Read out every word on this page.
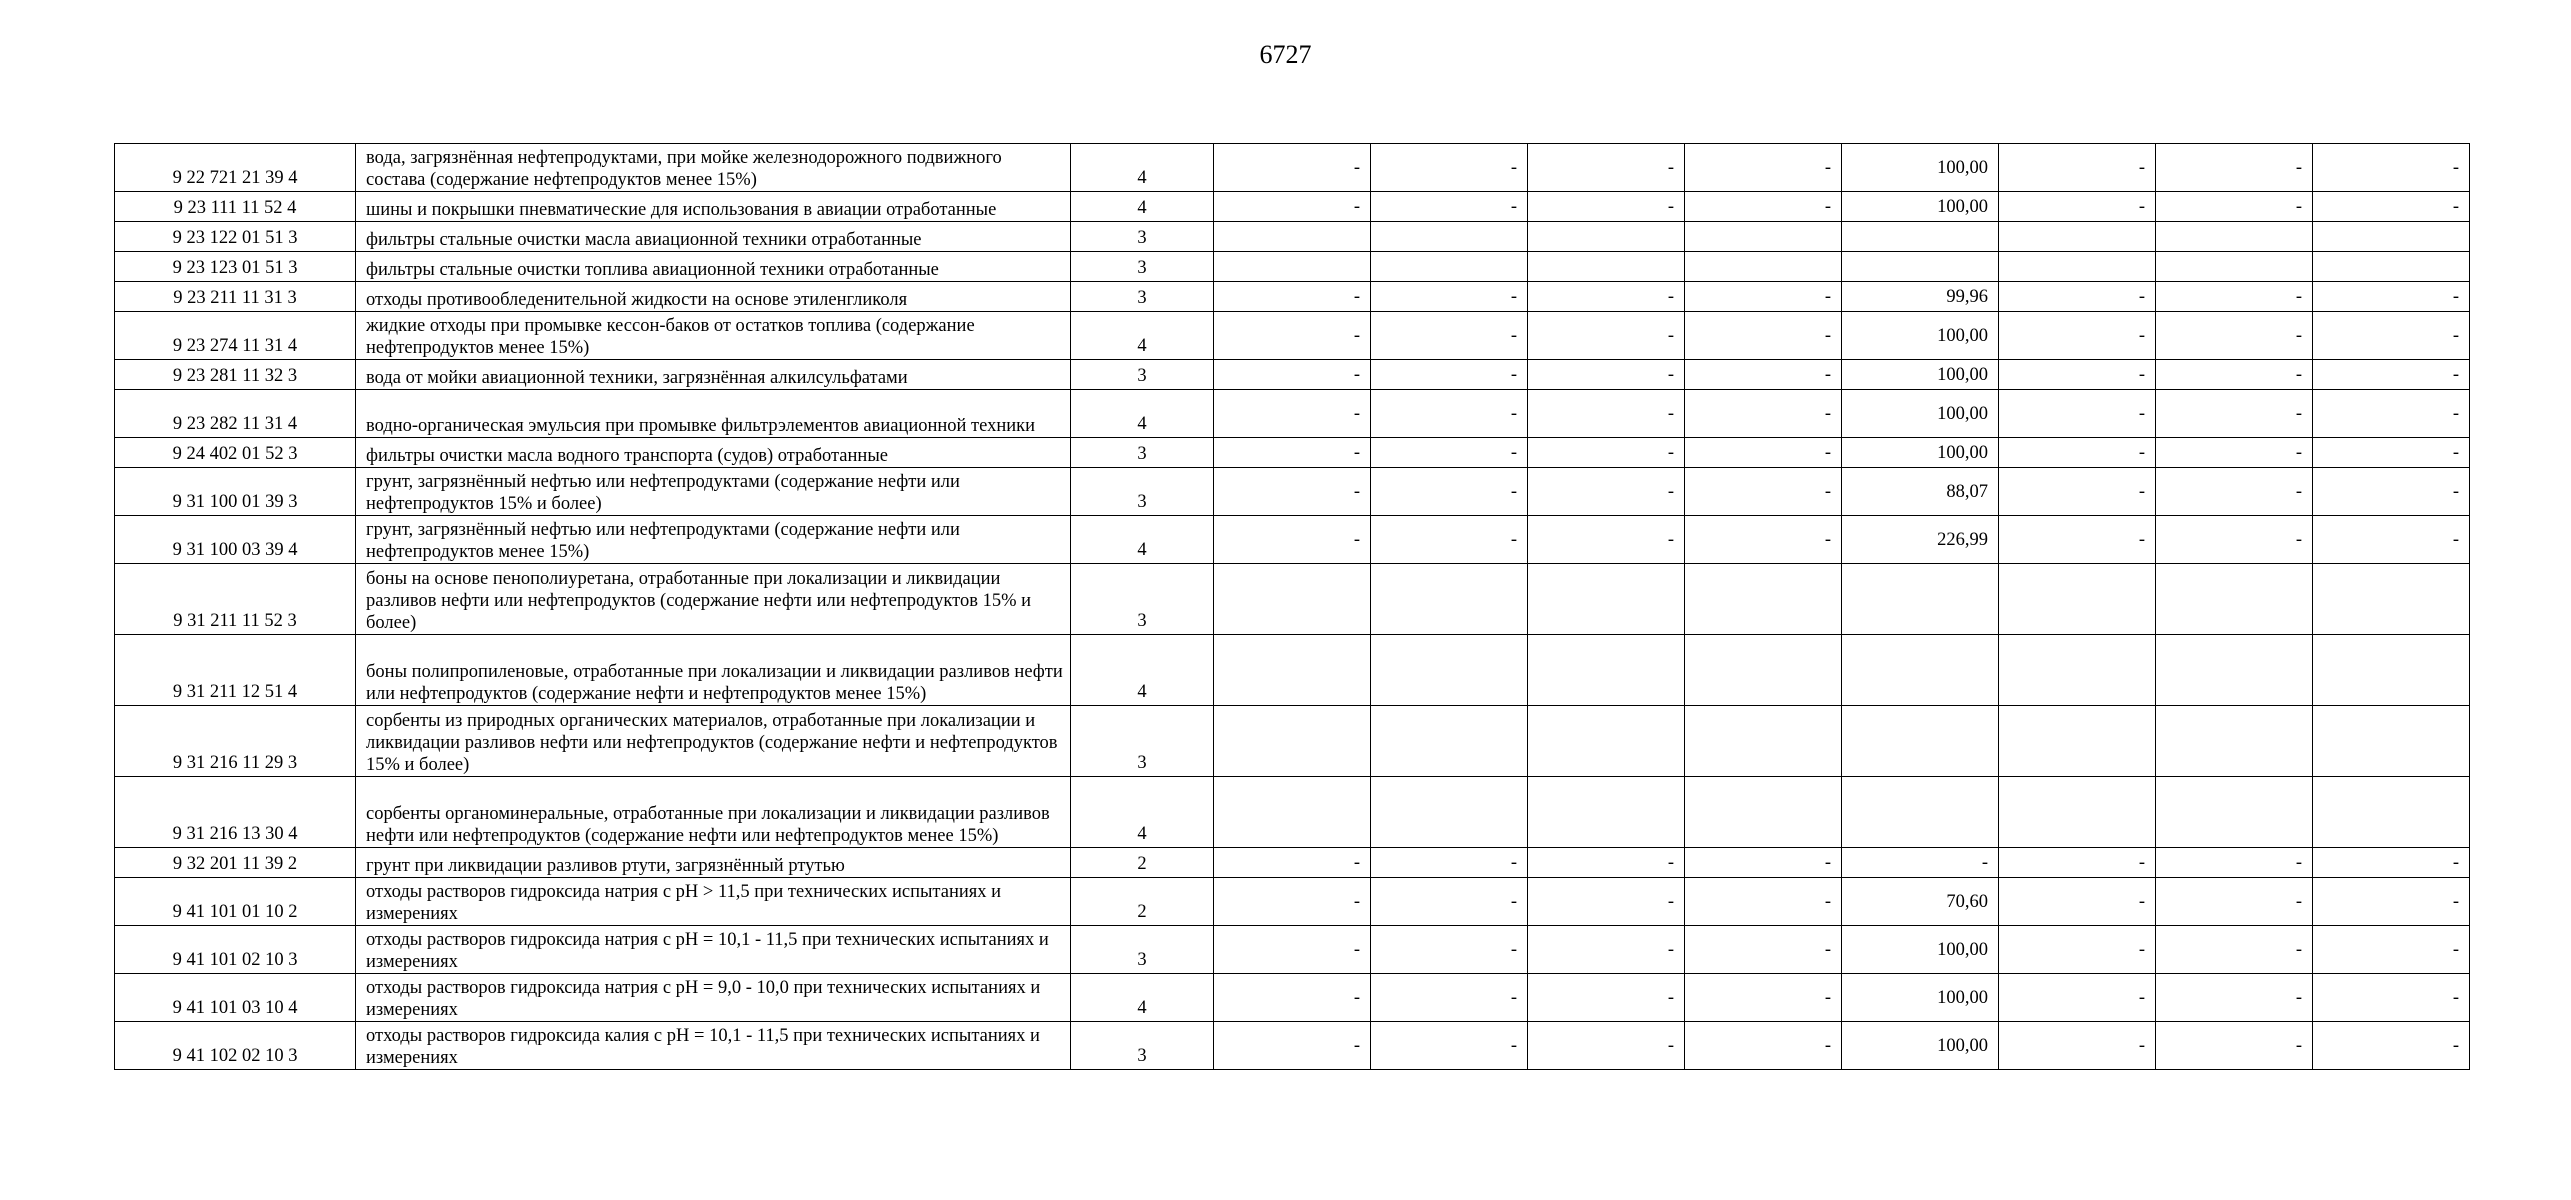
6727
9 22 721 21 39 4	вода, загрязнённая нефтепродуктами, при мойке железнодорожного подвижного состава (содержание нефтепродуктов менее 15%)	4	-	-	-	-	100,00	-	-	-
9 23 111 11 52 4	шины и покрышки пневматические для использования в авиации отработанные	4	-	-	-	-	100,00	-	-	-
9 23 122 01 51 3	фильтры стальные очистки масла авиационной техники отработанные	3								
9 23 123 01 51 3	фильтры стальные очистки топлива авиационной техники отработанные	3								
9 23 211 11 31 3	отходы противообледенительной жидкости на основе этиленгликоля	3	-	-	-	-	99,96	-	-	-
9 23 274 11 31 4	жидкие отходы при промывке кессон-баков от остатков топлива (содержание нефтепродуктов менее 15%)	4	-	-	-	-	100,00	-	-	-
9 23 281 11 32 3	вода от мойки авиационной техники, загрязнённая алкилсульфатами	3	-	-	-	-	100,00	-	-	-
9 23 282 11 31 4	водно-органическая эмульсия при промывке фильтрэлементов авиационной техники	4	-	-	-	-	100,00	-	-	-
9 24 402 01 52 3	фильтры очистки масла водного транспорта (судов) отработанные	3	-	-	-	-	100,00	-	-	-
9 31 100 01 39 3	грунт, загрязнённый нефтью или нефтепродуктами (содержание нефти или нефтепродуктов 15% и более)	3	-	-	-	-	88,07	-	-	-
9 31 100 03 39 4	грунт, загрязнённый нефтью или нефтепродуктами (содержание нефти или нефтепродуктов менее 15%)	4	-	-	-	-	226,99	-	-	-
9 31 211 11 52 3	боны на основе пенополиуретана, отработанные при локализации и ликвидации разливов нефти или нефтепродуктов (содержание нефти или нефтепродуктов 15% и более)	3								
9 31 211 12 51 4	боны полипропиленовые, отработанные при локализации и ликвидации разливов нефти или нефтепродуктов (содержание нефти и нефтепродуктов менее 15%)	4								
9 31 216 11 29 3	сорбенты из природных органических материалов, отработанные при локализации и ликвидации разливов нефти или нефтепродуктов (содержание нефти и нефтепродуктов 15% и более)	3								
9 31 216 13 30 4	сорбенты органоминеральные, отработанные при локализации и ликвидации разливов нефти или нефтепродуктов (содержание нефти или нефтепродуктов менее 15%)	4								
9 32 201 11 39 2	грунт при ликвидации разливов ртути, загрязнённый ртутью	2	-	-	-	-	-	-	-	-
9 41 101 01 10 2	отходы растворов гидроксида натрия с pH > 11,5 при технических испытаниях и измерениях	2	-	-	-	-	70,60	-	-	-
9 41 101 02 10 3	отходы растворов гидроксида натрия с pH = 10,1 - 11,5 при технических испытаниях и измерениях	3	-	-	-	-	100,00	-	-	-
9 41 101 03 10 4	отходы растворов гидроксида натрия с pH = 9,0 - 10,0 при технических испытаниях и измерениях	4	-	-	-	-	100,00	-	-	-
9 41 102 02 10 3	отходы растворов гидроксида калия с pH = 10,1 - 11,5 при технических испытаниях и измерениях	3	-	-	-	-	100,00	-	-	-
